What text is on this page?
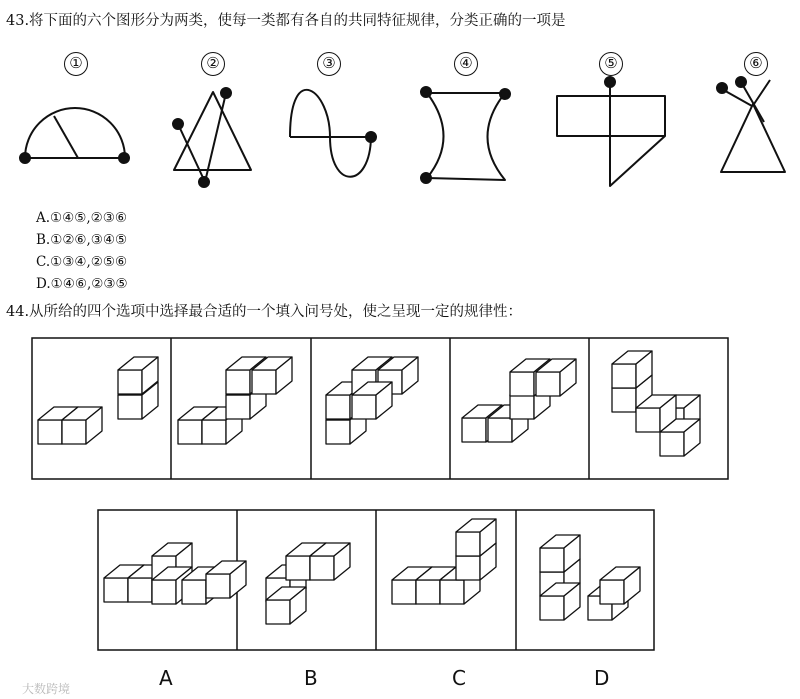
43.将下面的六个图形分为两类，使每一类都有各自的共同特征规律，分类正确的一项是
①	②	③	④	⑤	⑥
A.①④⑤,②③⑥
B.①②⑥,③④⑤
C.①③④,②⑤⑥
D.①④⑥,②③⑤
44.从所给的四个选项中选择最合适的一个填入问号处，使之呈现一定的规律性：
A	B	C	D
大数跨境
